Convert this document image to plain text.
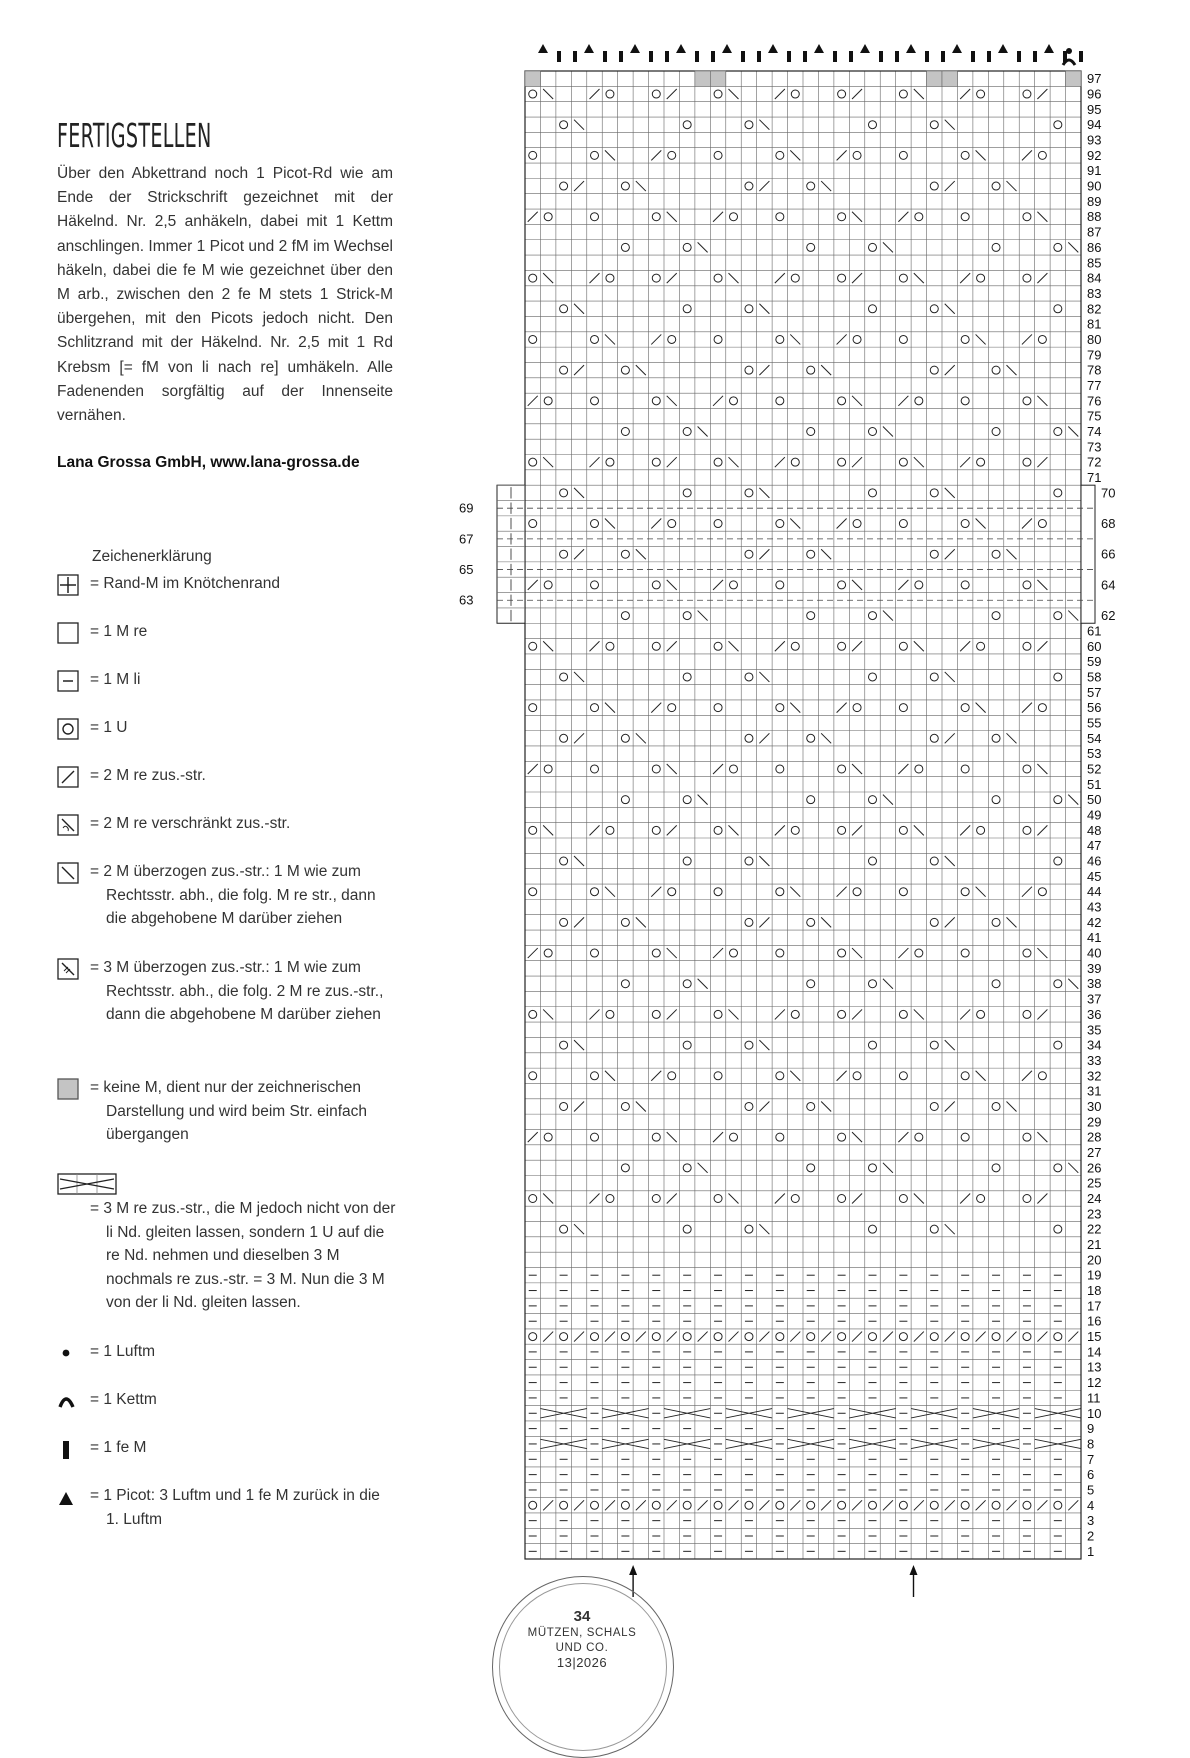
FERTIGSTELLEN

Über den Abkettrand noch 1 Picot-Rd wie am Ende der Strickschrift gezeichnet mit der Häkelnd. Nr. 2,5 anhäkeln, dabei mit 1 Kettm anschlingen. Immer 1 Picot und 2 fM im Wechsel häkeln, dabei die fe M wie gezeichnet über den M arb., zwischen den 2 fe M stets 1 Strick-M übergehen, mit den Picots jedoch nicht. Den Schlitzrand mit der Häkelnd. Nr. 2,5 mit 1 Rd Krebsm [= fM von li nach re] umhäkeln. Alle Fadenenden sorgfältig auf der Innenseite vernähen.

Lana Grossa GmbH, www.lana-grossa.de
Zeichenerklärung
= Rand-M im Knötchenrand
= 1 M re
= 1 M li
= 1 U
= 2 M re zus.-str.
= 2 M re verschränkt zus.-str.
= 2 M überzogen zus.-str.: 1 M wie zum Rechtsstr. abh., die folg. M re str., dann die abgehobene M darüber ziehen
= 3 M überzogen zus.-str.: 1 M wie zum Rechtsstr. abh., die folg. 2 M re zus.-str., dann die abgehobene M darüber ziehen
= keine M, dient nur der zeichnerischen Darstellung und wird beim Str. einfach übergangen
= 3 M re zus.-str., die M jedoch nicht von der li Nd. gleiten lassen, sondern 1 U auf die re Nd. nehmen und dieselben 3 M nochmals re zus.-str. = 3 M. Nun die 3 M von der li Nd. gleiten lassen.
= 1 Luftm
= 1 Kettm
= 1 fe M
= 1 Picot: 3 Luftm und 1 fe M zurück in die 1. Luftm
97
96
95
94
93
92
91
90
89
88
87
86
85
84
83
82
81
80
79
78
77
76
75
74
73
72
71
70
68
66
64
62
61
60
59
58
57
56
55
54
53
52
51
50
49
48
47
46
45
44
43
42
41
40
39
38
37
36
35
34
33
32
31
30
29
28
27
26
25
24
23
22
21
20
19
18
17
16
15
14
13
12
11
10
9
8
7
6
5
4
3
2
1
69
67
65
63
34
MÜTZEN, SCHALS
UND CO.
13|2026
